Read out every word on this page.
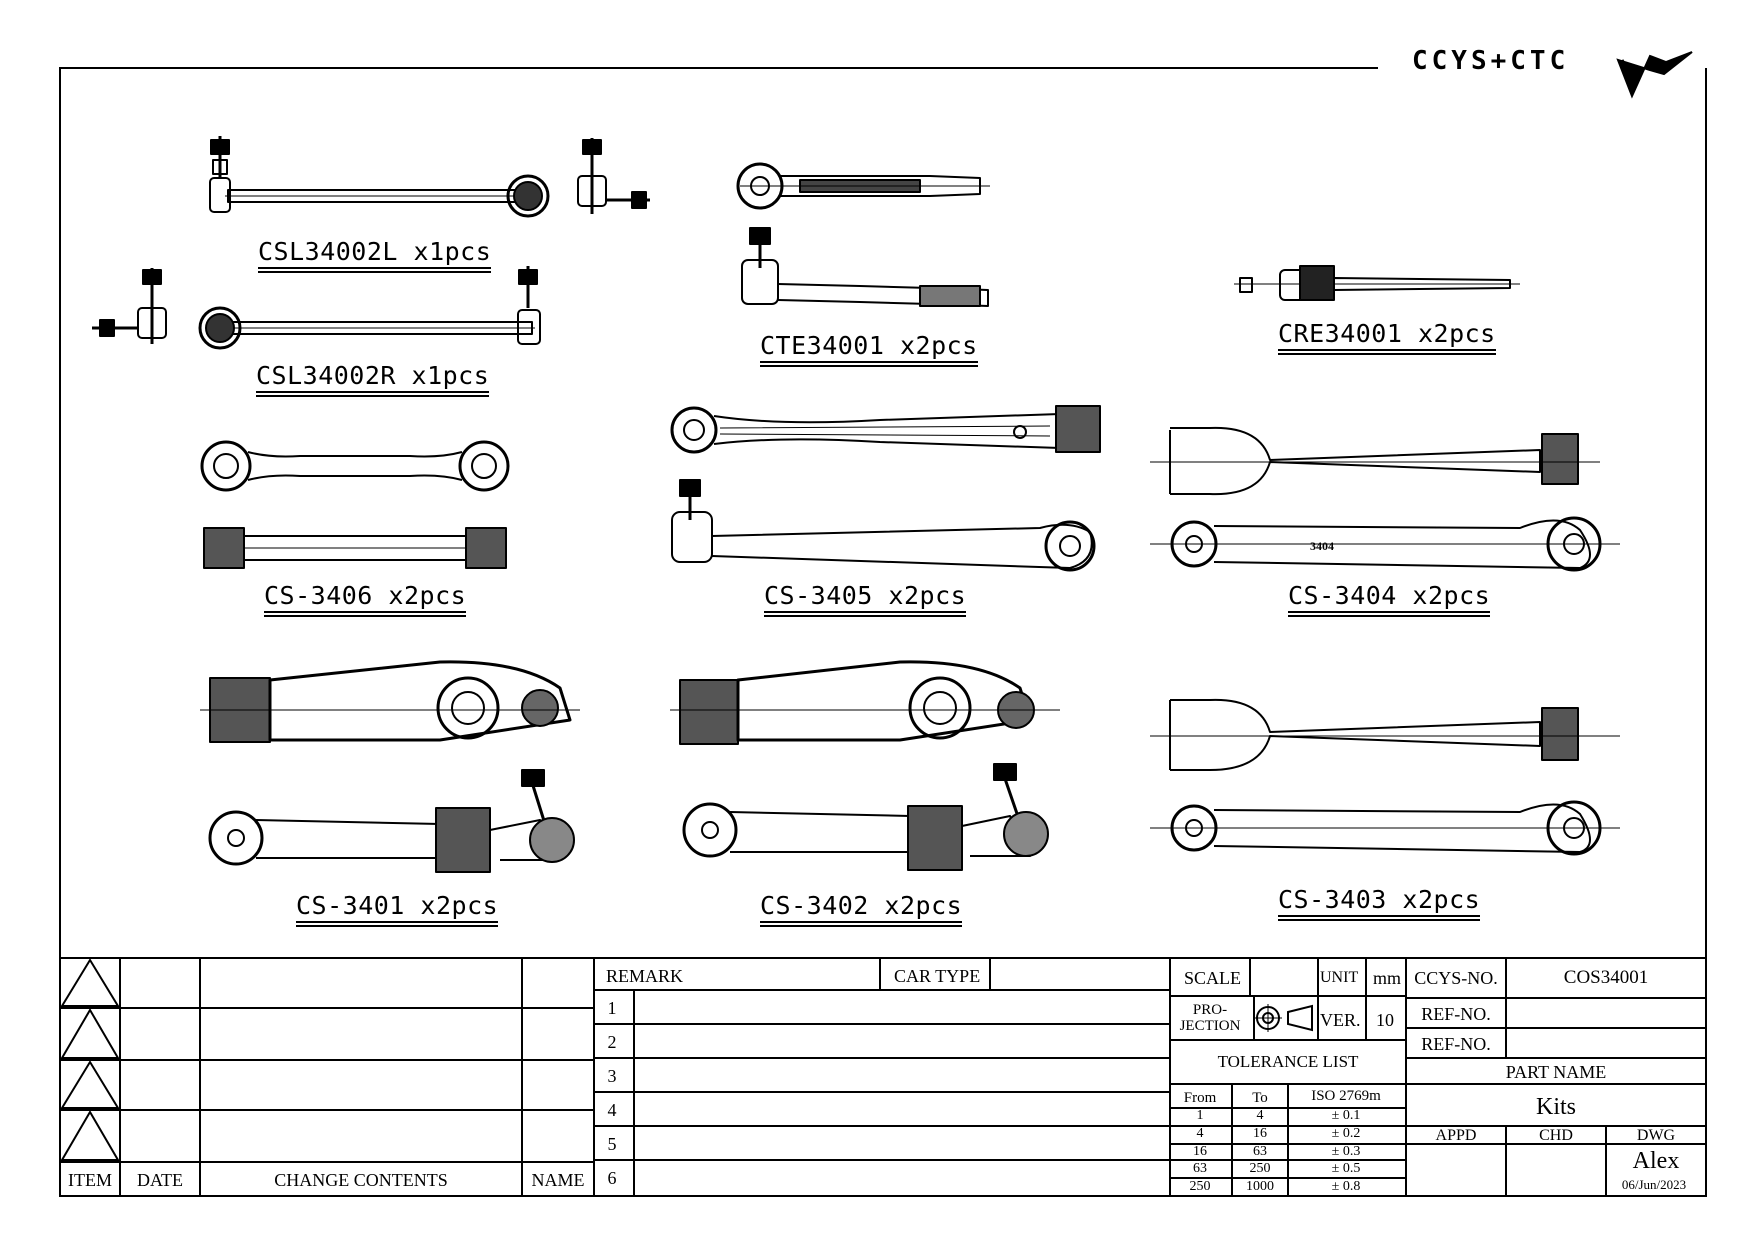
CCYS+CTC
CSL34002L x1pcs
CSL34002R x1pcs
CTE34001 x2pcs	CRE34001 x2pcs
CS-3406 x2pcs	CS-3405 x2pcs	CS-3404 x2pcs
CS-3401 x2pcs	CS-3402 x2pcs	CS-3403 x2pcs
3404
ITEM DATE	CHANGE CONTENTS	NAME
REMARK	CAR TYPE
1
2
3
4
5
6
SCALE	UNIT mm
PRO-
JECTION	VER. 10
TOLERANCE LIST
From To	ISO 2769m
1	4	± 0.1
4	16	± 0.2
16	63	± 0.3
63	250	± 0.5
250	1000	± 0.8
CCYS-NO.	COS34001
REF-NO.
REF-NO.
PART NAME
Kits
APPD	CHD	DWG
Alex
06/Jun/2023
